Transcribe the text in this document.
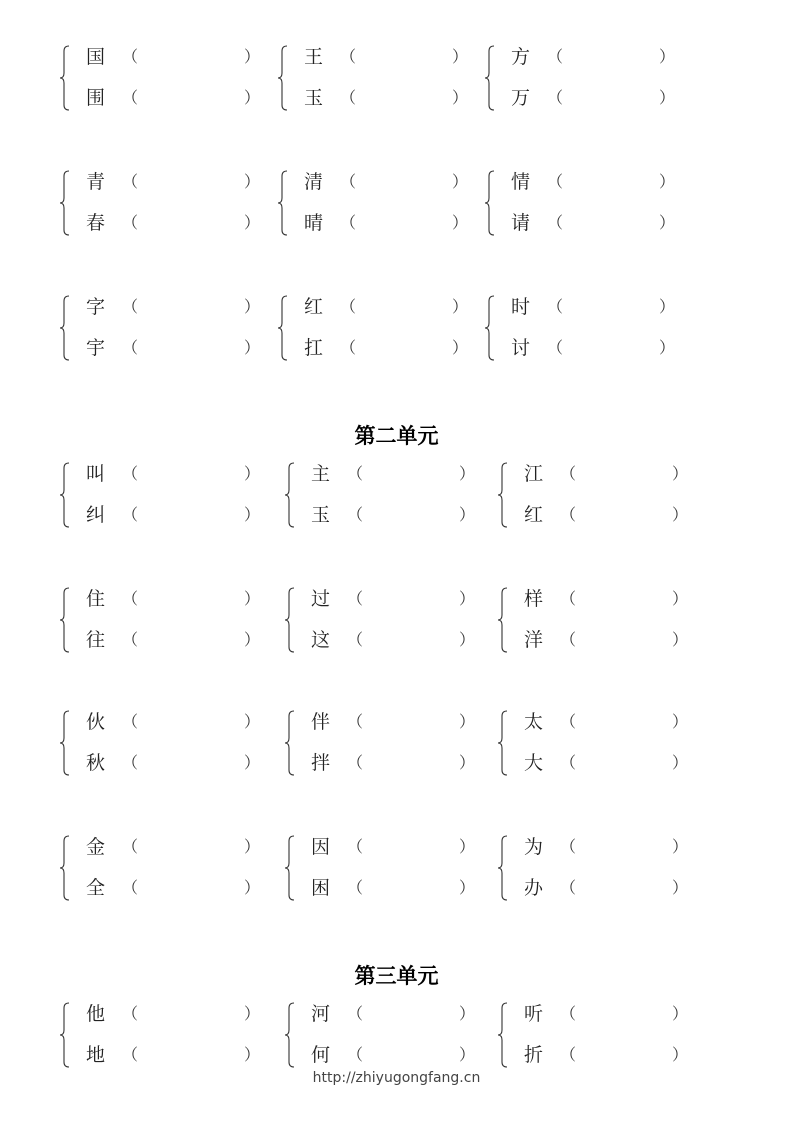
国 （	）
围 （	）
王 （	）
玉 （	）
方 （	）
万 （	）
青 （	）
春 （	）
清 （	）
晴 （	）
情 （	）
请 （	）
字 （	）
宇 （	）
红 （	）
扛 （	）
时 （	）
讨 （	）
第二单元
叫 （	）
纠 （	）
主 （	）
玉 （	）
江 （	）
红 （	）
住 （	）
往 （	）
过 （	）
这 （	）
样 （	）
洋 （	）
伙 （	）
秋 （	）
伴 （	）
拌 （	）
太 （	）
大 （	）
金 （	）
全 （	）
因 （	）
困 （	）
为 （	）
办 （	）
第三单元
他 （	）
地 （	）
河 （	）
何 （	）
听 （	）
折 （	）
http://zhiyugongfang.cn
